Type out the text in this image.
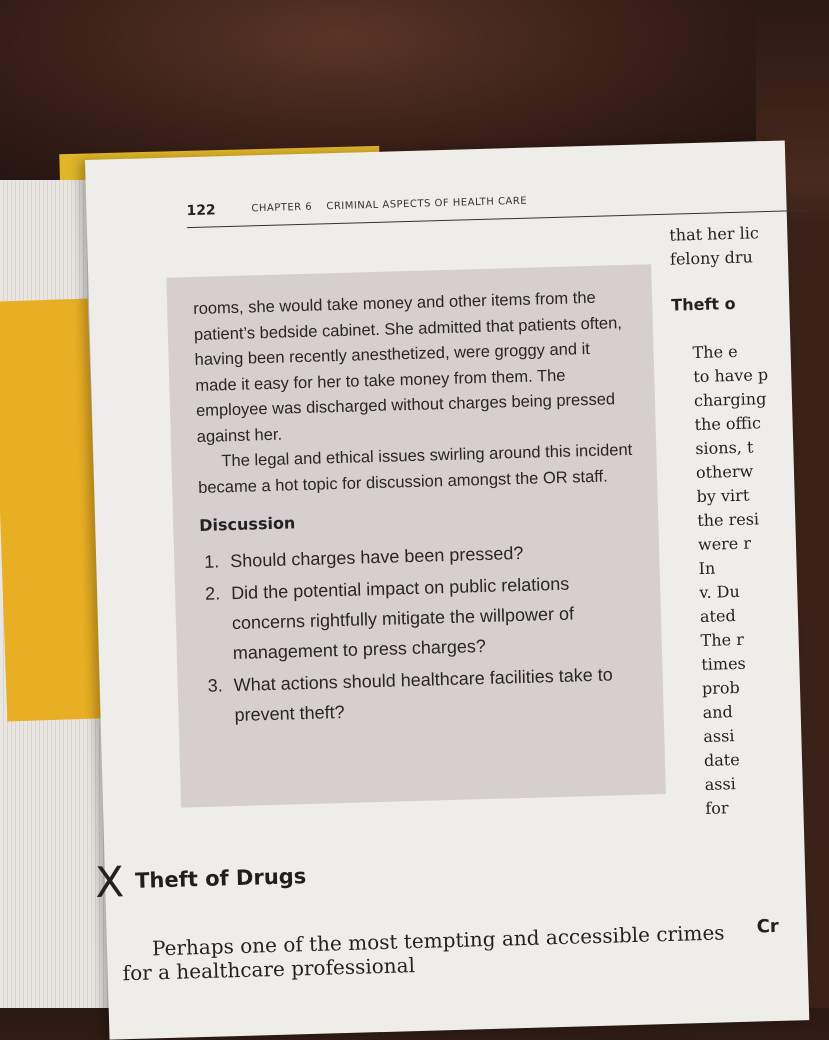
122	CHAPTER 6 CRIMINAL ASPECTS OF HEALTH CARE

rooms, she would take money and other items from the patient’s bedside cabinet. She admitted that patients often, having been recently anesthetized, were groggy and it made it easy for her to take money from them. The employee was discharged without charges being pressed against her.

The legal and ethical issues swirling around this incident became a hot topic for discussion amongst the OR staff.

Discussion
1. Should charges have been pressed?
2. Did the potential impact on public relations concerns rightfully mitigate the willpower of management to press charges?
3. What actions should healthcare facilities take to prevent theft?
that her lic
felony dru
Theft o
The e
to have p
charging
the offic
sions, t
otherw
by virt
the resi
were r
In
v. Du
ated
The r
times
prob
and
assi
date
assi
for
X Theft of Drugs
Perhaps one of the most tempting and accessible crimes
for a healthcare professional
Cr
